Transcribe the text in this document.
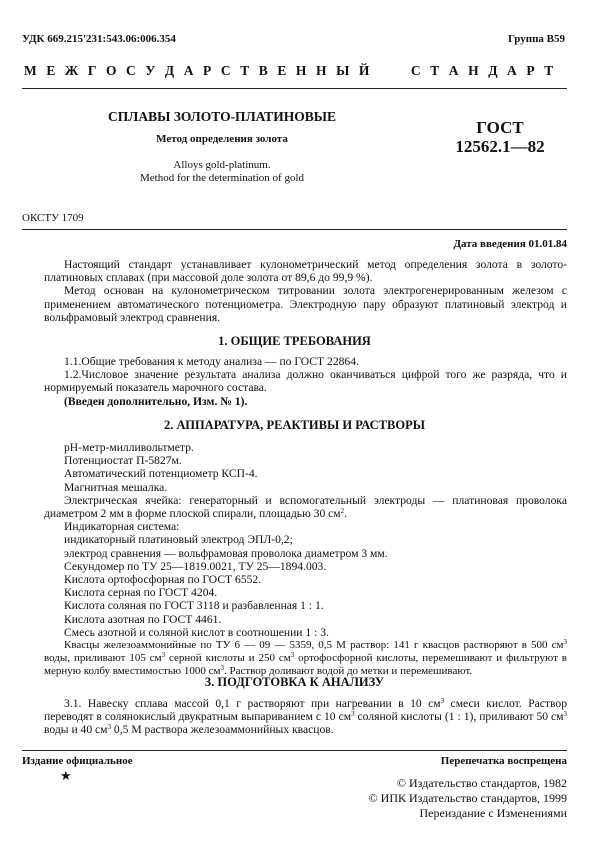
УДК 669.215'231:543.06:006.354	Группа B59
М Е Ж Г О С У Д А Р С Т В Е Н Н Ы Й     С Т А Н Д А Р Т
СПЛАВЫ ЗОЛОТО-ПЛАТИНОВЫЕ
Метод определения золота
Alloys gold-platinum.
Method for the determination of gold
ГОСТ
12562.1—82
ОКСТУ 1709
Дата введения 01.01.84

Настоящий стандарт устанавливает кулонометрический метод определения золота в золото-платиновых сплавах (при массовой доле золота от 89,6 до 99,9 %).

Метод основан на кулонометрическом титровании золота электрогенерированным железом с применением автоматического потенциометра. Электродную пару образуют платиновый электрод и вольфрамовый электрод сравнения.

1. ОБЩИЕ ТРЕБОВАНИЯ

1.1.Общие требования к методу анализа — по ГОСТ 22864.

1.2.Числовое значение результата анализа должно оканчиваться цифрой того же разряда, что и нормируемый показатель марочного состава.

(Введен дополнительно, Изм. № 1).

2. АППАРАТУРА, РЕАКТИВЫ И РАСТВОРЫ

pH-метр-милливольтметр.

Потенциостат П-5827м.

Автоматический потенциометр КСП-4.

Магнитная мешалка.

Электрическая ячейка: генераторный и вспомогательный электроды — платиновая проволока диаметром 2 мм в форме плоской спирали, площадью 30 $см^2$.

Индикаторная система:

индикаторный платиновый электрод ЭПЛ-0,2;

электрод сравнения — вольфрамовая проволока диаметром 3 мм.

Секундомер по ТУ 25—1819.0021, ТУ 25—1894.003.

Кислота ортофосфорная по ГОСТ 6552.

Кислота серная по ГОСТ 4204.

Кислота соляная по ГОСТ 3118 и разбавленная 1 : 1.

Кислота азотная по ГОСТ 4461.

Смесь азотной и соляной кислот в соотношении 1 : 3.

Квасцы железоаммонийные по ТУ 6 — 09 — 5359, 0,5 М раствор: 141 г квасцов растворяют в 500 $см^3$ воды, приливают 105 $см^3$ серной кислоты и 250 $см^3$ ортофосфорной кислоты, перемешивают и фильтруют в мерную колбу вместимостью 1000 $см^3$. Раствор доливают водой до метки и перемешивают.

3. ПОДГОТОВКА К АНАЛИЗУ

3.1. Навеску сплава массой 0,1 г растворяют при нагревании в 10 $см^3$ смеси кислот. Раствор переводят в солянокислый двукратным выпариванием с 10 $см^3$ соляной кислоты (1 : 1), приливают 50 $см^3$ воды и 40 $см^3$ 0,5 М раствора железоаммонийных квасцов.

Издание официальное
★
Перепечатка воспрещена
© Издательство стандартов, 1982
© ИПК Издательство стандартов, 1999
Переиздание с Изменениями
